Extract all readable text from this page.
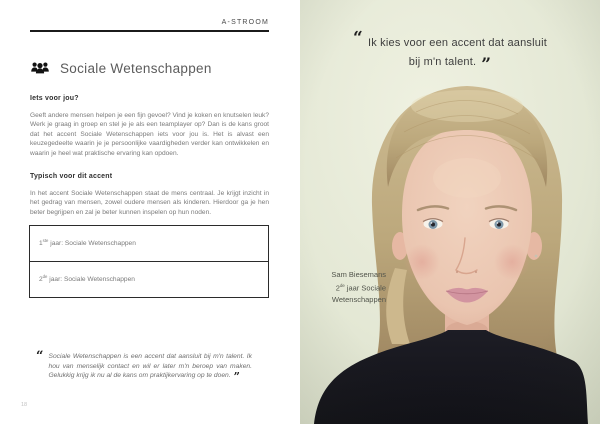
A-STROOM
Sociale Wetenschappen
Iets voor jou?
Geeft andere mensen helpen je een fijn gevoel? Vind je koken en knutselen leuk? Werk je graag in groep en stel je je als een teamplayer op? Dan is de kans groot dat het accent Sociale Wetenschappen iets voor jou is. Het is alvast een keuzegedeelte waarin je je persoonlijke vaardigheden verder kan ontwikkelen en waarin je heel wat praktische ervaring kan opdoen.
Typisch voor dit accent
In het accent Sociale Wetenschappen staat de mens centraal. Je krijgt inzicht in het gedrag van mensen, zowel oudere mensen als kinderen. Hierdoor ga je hen beter begrijpen en zal je beter kunnen inspelen op hun noden.
1ste jaar: Sociale Wetenschappen
2de jaar: Sociale Wetenschappen
“ Sociale Wetenschappen is een accent dat aansluit bij m'n talent. Ik hou van menselijk contact en wil er later m'n beroep van maken. Gelukkig krijg ik nu al de kans om praktijkervaring op te doen. ”
18
“ Ik kies voor een accent dat aansluit
bij m'n talent. ”
Sam Biesemans
2de jaar Sociale
Wetenschappen
